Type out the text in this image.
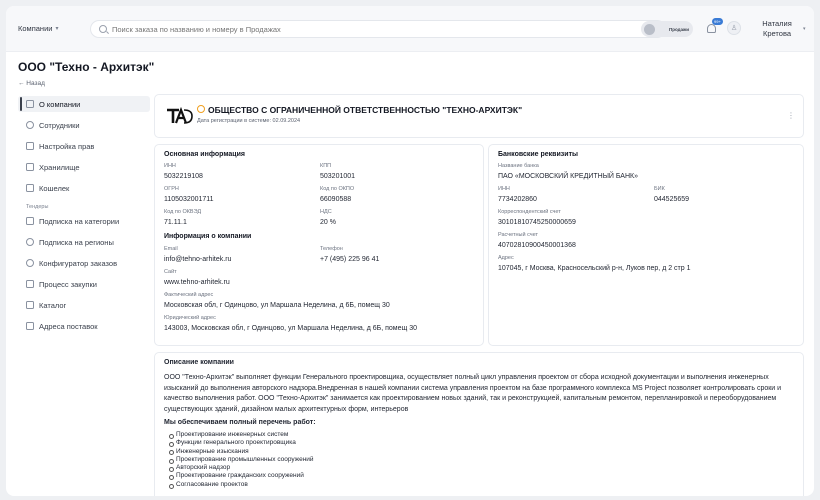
Компании ▾
Поиск заказа по названию и номеру в Продажах	Продажи
99+
♙
Наталия
Кретова	▾
ООО "Техно - Архитэк"
← Назад
О компании
Сотрудники
Настройка прав
Хранилище
Кошелек
Тендеры
Подписка на категории
Подписка на регионы
Конфигуратор заказов
Процесс закупки
Каталог
Адреса поставок
ОБЩЕСТВО С ОГРАНИЧЕННОЙ ОТВЕТСТВЕННОСТЬЮ "ТЕХНО-АРХИТЭК"
Дата регистрации в системе: 02.09.2024
⋮
Основная информация
ИНН
5032219108
КПП
503201001
ОГРН
1105032001711
Код по ОКПО
66090588
Код по ОКВЭД
71.11.1
НДС
20 %
Информация о компании
Email
info@tehno-arhitek.ru
Телефон
+7 (495) 225 96 41
Сайт
www.tehno-arhitek.ru
Фактический адрес
Московская обл, г Одинцово, ул Маршала Неделина, д 6Б, помещ 30
Юридический адрес
143003, Московская обл, г Одинцово, ул Маршала Неделина, д 6Б, помещ 30
Банковские реквизиты
Название банка
ПАО «МОСКОВСКИЙ КРЕДИТНЫЙ БАНК»
ИНН
7734202860
БИК
044525659
Корреспондентский счет
30101810745250000659
Расчетный счет
40702810900450001368
Адрес
107045, г Москва, Красносельский р-н, Луков пер, д 2 стр 1
Описание компании
ООО "Техно-Архитэк" выполняет функции Генерального проектировщика, осуществляет полный цикл управления проектом от сбора исходной документации и выполнения инженерных изысканий до выполнения авторского надзора.Внедренная в нашей компании система управления проектом на базе программного комплекса MS Project позволяет контролировать сроки и качество выполнения работ. ООО "Техно-Архитэк" занимается как проектированием новых зданий, так и реконструкцией, капитальным ремонтом, перепланировкой и переоборудованием существующих зданий, дизайном малых архитектурных форм, интерьеров
Мы обеспечиваем полный перечень работ:
Проектирование инженерных систем
Функции генерального проектировщика
Инженерные изыскания
Проектирование промышленных сооружений
Авторский надзор
Проектирование гражданских сооружений
Согласование проектов
